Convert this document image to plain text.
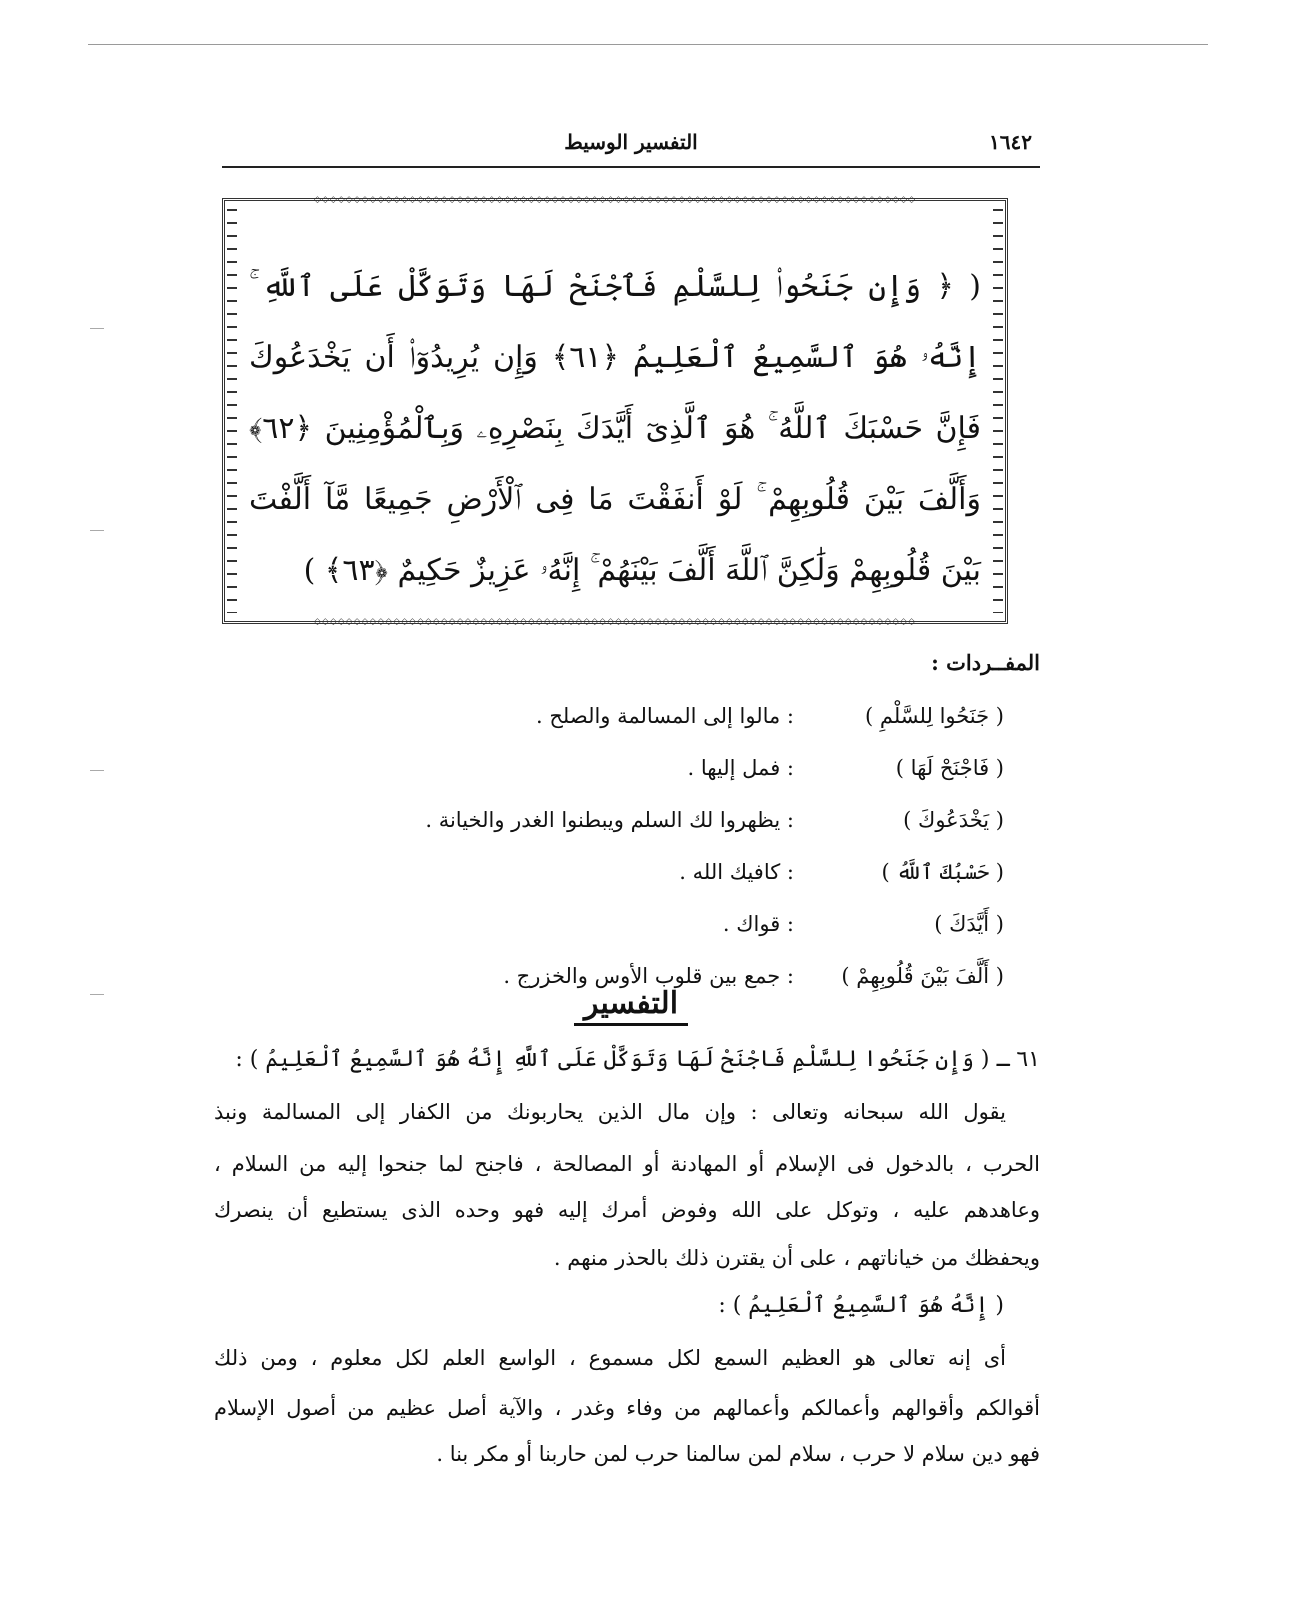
١٦٤٢
التفسير الوسيط
◇◇◇◇◇◇◇◇◇◇◇◇◇◇◇◇◇◇◇◇◇◇◇◇◇◇◇◇◇◇◇◇◇◇◇◇◇◇◇◇◇◇◇◇◇◇◇◇◇◇◇◇◇◇◇◇◇◇◇◇◇◇◇◇◇◇◇◇◇◇◇◇◇◇◇◇
◇◇◇◇◇◇◇◇◇◇◇◇◇◇◇◇◇◇◇◇◇◇◇◇◇◇◇◇◇◇◇◇◇◇◇◇◇◇◇◇◇◇◇◇◇◇◇◇◇◇◇◇◇◇◇◇◇◇◇◇◇◇◇◇◇◇◇◇◇◇◇◇◇◇◇◇
( ﴿ وَإِن جَنَحُوا۟ لِلسَّلْمِ فَٱجْنَحْ لَهَا وَتَوَكَّلْ عَلَى ٱللَّهِ ۚ إِنَّهُۥ هُوَ ٱلسَّمِيعُ ٱلْعَلِيمُ ﴿٦١﴾ وَإِن يُرِيدُوٓا۟ أَن يَخْدَعُوكَ فَإِنَّ حَسْبَكَ ٱللَّهُ ۚ هُوَ ٱلَّذِىٓ أَيَّدَكَ بِنَصْرِهِۦ وَبِٱلْمُؤْمِنِينَ ﴿٦٢﴾ وَأَلَّفَ بَيْنَ قُلُوبِهِمْ ۚ لَوْ أَنفَقْتَ مَا فِى ٱلْأَرْضِ جَمِيعًا مَّآ أَلَّفْتَ بَيْنَ قُلُوبِهِمْ وَلَٰكِنَّ ٱللَّهَ أَلَّفَ بَيْنَهُمْ ۚ إِنَّهُۥ عَزِيزٌ حَكِيمٌ ﴿٦٣﴾ )
المفــردات :
( جَنَحُوا لِلسَّلْمِ )
: مالوا إلى المسالمة والصلح .
( فَاجْنَحْ لَهَا )
: فمل إليها .
( يَخْدَعُوكَ )
: يظهروا لك السلم ويبطنوا الغدر والخيانة .
( حَسْبُكَ ٱللَّهُ )
: كافيك الله .
( أَيَّدَكَ )
: قواك .
( أَلَّفَ بَيْنَ قُلُوبِهِمْ )
: جمع بين قلوب الأوس والخزرج .
التفسير
٦١ ـ ( وَإِن جَنَحُوا لِلسَّلْمِ فَاجْنَحْ لَهَا وَتَوَكَّلْ عَلَى ٱللَّهِ إِنَّهُ هُوَ ٱلسَّمِيعُ ٱلْعَلِيمُ ) :
يقول الله سبحانه وتعالى : وإن مال الذين يحاربونك من الكفار إلى المسالمة ونبذ
الحرب ، بالدخول فى الإسلام أو المهادنة أو المصالحة ، فاجنح لما جنحوا إليه من السلام ،
وعاهدهم عليه ، وتوكل على الله وفوض أمرك إليه فهو وحده الذى يستطيع أن ينصرك
ويحفظك من خياناتهم ، على أن يقترن ذلك بالحذر منهم .
( إِنَّهُ هُوَ ٱلسَّمِيعُ ٱلْعَلِيمُ ) :
أى إنه تعالى هو العظيم السمع لكل مسموع ، الواسع العلم لكل معلوم ، ومن ذلك
أقوالكم وأقوالهم وأعمالكم وأعمالهم من وفاء وغدر ، والآية أصل عظيم من أصول الإسلام
فهو دين سلام لا حرب ، سلام لمن سالمنا حرب لمن حاربنا أو مكر بنا .
